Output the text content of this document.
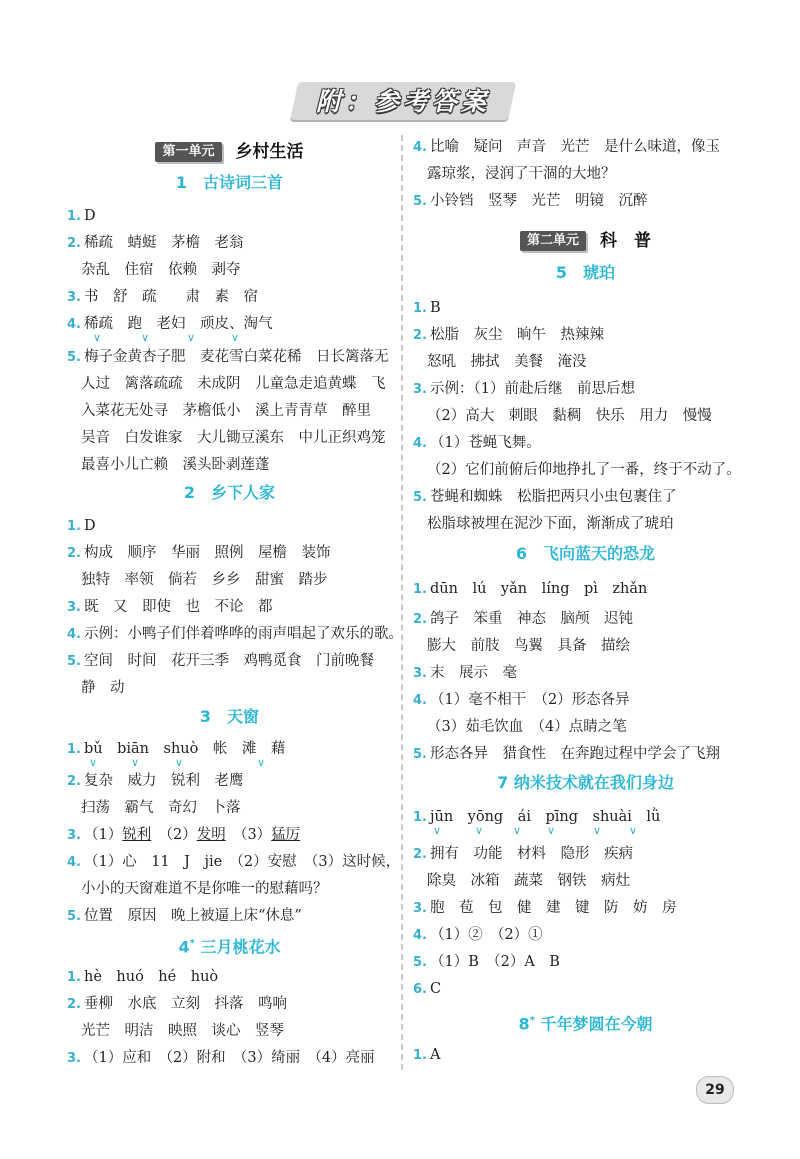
附：参考答案
第一单元 乡村生活
1　古诗词三首
1. D
2. 稀疏　蜻蜓　茅檐　老翁
杂乱　住宿　依赖　剥夺
3. 书　舒　疏　　肃　素　宿
4. 稀疏　跑　老妇　顽皮、淘气
∨	∨	∨	∨
5. 梅子金黄杏子肥　麦花雪白菜花稀　日长篱落无
人过　篱落疏疏　未成阴　儿童急走追黄蝶　飞
入菜花无处寻　茅檐低小　溪上青青草　醉里
吴音　白发谁家　大儿锄豆溪东　中儿正织鸡笼
最喜小儿亡赖　溪头卧剥莲蓬
2　乡下人家
1. D
2. 构成　顺序　华丽　照例　屋檐　装饰
独特　率领　倘若　乡乡　甜蜜　踏步
3. 既　又　即使　也　不论　都
4. 示例：小鸭子们伴着哗哗的雨声唱起了欢乐的歌。
5. 空间　时间　花开三季　鸡鸭觅食　门前晚餐
静　动
3　天窗
1. bǔ　biān　shuò　帐　滩　藉
∨	∨	∨	∨
2. 复杂　威力　锐利　老鹰
扫荡　霸气　奇幻　卜落
3. （1）锐利　 （2）发明　 （3）猛厉
4. （1）心　11　J　jie　（2）安慰　（3）这时候，
小小的天窗难道不是你唯一的慰藉吗？
5. 位置　原因　晚上被逼上床“休息”
4* 三月桃花水
1. hè　huó　hé　huò
2. 垂柳　水底　立刻　抖落　鸣响
光芒　明洁　映照　谈心　竖琴
3. （1）应和　（2）附和　（3）绮丽　（4）亮丽
4. 比喻　疑问　声音　光芒　是什么味道，像玉
露琼浆，浸润了干涸的大地？
5. 小铃铛　竖琴　光芒　明镜　沉醉
第二单元 科　普
5　琥珀
1. B
2. 松脂　灰尘　晌午　热辣辣
怒吼　拂拭　美餐　淹没
3. 示例：（1）前赴后继　前思后想
（2）高大　刺眼　黏稠　快乐　用力　慢慢
4. （1）苍蝇飞舞。
（2）它们前俯后仰地挣扎了一番，终于不动了。
5. 苍蝇和蜘蛛　松脂把两只小虫包裹住了
松脂球被埋在泥沙下面，渐渐成了琥珀
6　飞向蓝天的恐龙
1. dūn　lú　yǎn　líng　pì　zhǎn
2. 鸽子　笨重　神态　脑颅　迟钝
膨大　前肢　鸟翼　具备　描绘
3. 末　展示　毫
4. （1）毫不相干　（2）形态各异
（3）茹毛饮血　（4）点睛之笔
5. 形态各异　猎食性　在奔跑过程中学会了飞翔
7 纳米技术就在我们身边
1. jūn　yōng　ái　pīng　shuài　lǜ
∨	∨	∨ ∨	∨	∨
2. 拥有　功能　材料　隐形　疾病
除臭　冰箱　蔬菜　钢铁　病灶
3. 胞　苞　包　健　建　键　防　妨　房
4. （1）②　（2）①
5. （1）B　（2）A　B
6. C
8* 千年梦圆在今朝
1. A
29
